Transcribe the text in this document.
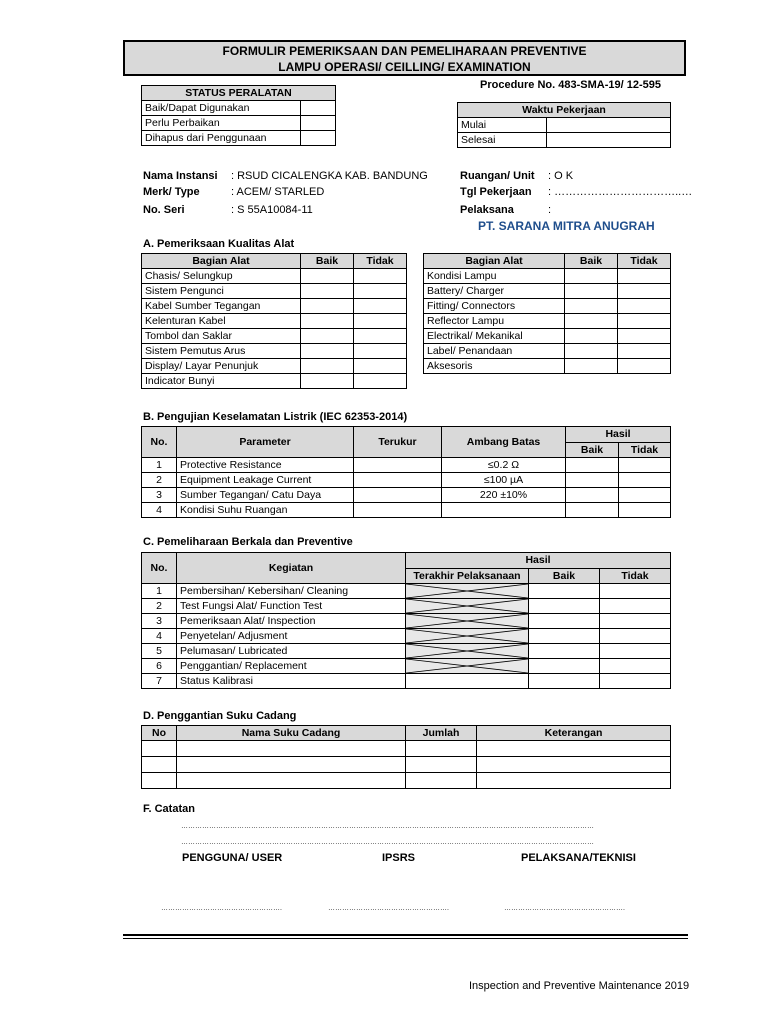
FORMULIR PEMERIKSAAN DAN PEMELIHARAAN PREVENTIVE
LAMPU OPERASI/ CEILLING/ EXAMINATION
Procedure No. 483-SMA-19/ 12-595
STATUS PERALATAN	
Baik/Dapat Digunakan	
Perlu Perbaikan	
Dihapus dari Penggunaan	
Waktu Pekerjaan	
Mulai	
Selesai	
Nama Instansi : RSUD CICALENGKA KAB. BANDUNG
Merk/ Type	: ACEM/ STARLED
No. Seri	: S 55A10084-11
Ruangan/ Unit : O K
Tgl Pekerjaan : ……………………………..…
Pelaksana	:
PT. SARANA MITRA ANUGRAH
A. Pemeriksaan Kualitas Alat
Bagian Alat	Baik	Tidak
Chasis/ Selungkup		
Sistem Pengunci		
Kabel Sumber Tegangan		
Kelenturan Kabel		
Tombol dan Saklar		
Sistem Pemutus Arus		
Display/ Layar Penunjuk		
Indicator Bunyi		
Bagian Alat	Baik	Tidak
Kondisi Lampu		
Battery/ Charger		
Fitting/ Connectors		
Reflector Lampu		
Electrikal/ Mekanikal		
Label/ Penandaan		
Aksesoris		
B. Pengujian Keselamatan Listrik (IEC 62353-2014)
No.	Parameter	Terukur	Ambang Batas	Hasil	
				Baik	Tidak
1	Protective Resistance		≤0.2 Ω		
2	Equipment Leakage Current		≤100 µA		
3	Sumber Tegangan/ Catu Daya		220 ±10%		
4	Kondisi Suhu Ruangan				
C. Pemeliharaan Berkala dan Preventive
No.	Kegiatan	Hasil		
		Terakhir Pelaksanaan	Baik	Tidak
1	Pembersihan/ Kebersihan/ Cleaning	

2	Test Fungsi Alat/ Function Test	

3	Pemeriksaan Alat/ Inspection	

4	Penyetelan/ Adjusment	

5	Pelumasan/ Lubricated	

6	Penggantian/ Replacement	

7	Status Kalibrasi			
D. Penggantian Suku Cadang
No	Nama Suku Cadang	Jumlah	Keterangan

F. Catatan
……………………………………………………………………………………………………………………………………………………………
……………………………………………………………………………………………………………………………………………………………
PENGGUNA/ USER	IPSRS	PELAKSANA/TEKNISI
…………………………………………….	…………………………………………….	…………………………………………….
Inspection and Preventive Maintenance 2019
